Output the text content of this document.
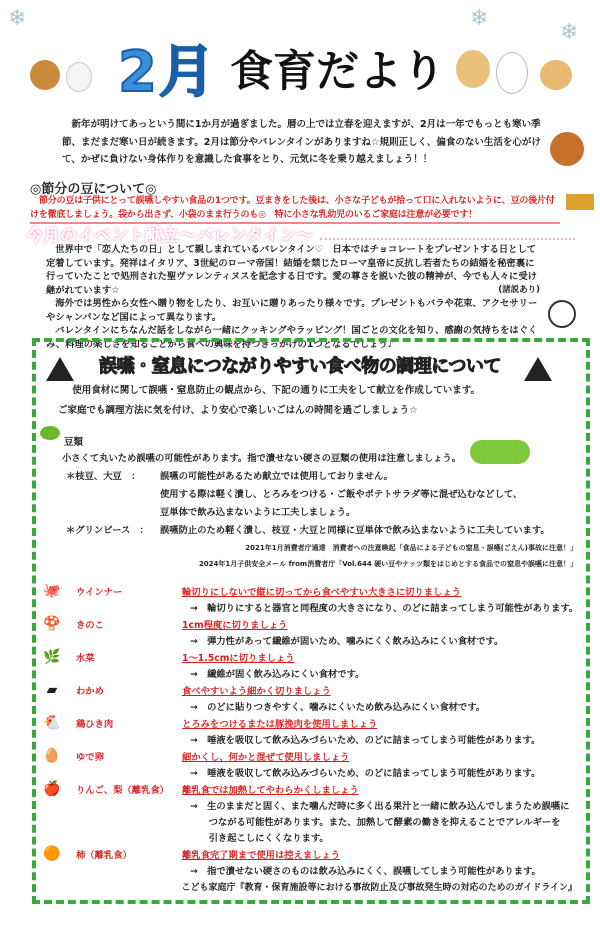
❄	❄
❄
2月 食育だより

新年が明けてあっという間に1か月が過ぎました。暦の上では立春を迎えますが、2月は一年でもっとも寒い季節、まだまだ寒い日が続きます。2月は節分やバレンタインがありますね☆規則正しく、偏食のない生活を心がけて、かぜに負けない身体作りを意識した食事をとり、元気に冬を乗り越えましょう！！

◎節分の豆について◎
節分の豆は子供にとって誤嚥しやすい食品の1つです。豆まきをした後は、小さな子どもが拾って口に入れないように、豆の後片付けを徹底しましょう。袋から出さず、小袋のまま行うのも◎　特に小さな乳幼児のいるご家庭は注意が必要です！
今月のイベント献立～バレンタイン～

世界中で「恋人たちの日」として親しまれているバレンタイン♡　日本ではチョコレートをプレゼントする日として定着しています。発祥はイタリア、3世紀のローマ帝国！結婚を禁じたローマ皇帝に反抗し若者たちの結婚を秘密裏に行っていたことで処刑された聖ヴァレンティヌスを記念する日です。愛の尊さを説いた彼の精神が、今でも人々に受け継がれています☆	(諸説あり)

海外では男性から女性へ贈り物をしたり、お互いに贈りあったり様々です。プレゼントもバラや花束、アクセサリーやシャンパンなど国によって異なります。

バレンタインにちなんだ話をしながら一緒にクッキングやラッピング！国ごとの文化を知り、感謝の気持ちをはぐくみ、料理の楽しさを知ることから食への興味を持つきっかけの1つとなるでしょう♪

誤嚥・窒息につながりやすい食べ物の調理について

使用食材に関して誤嚥・窒息防止の観点から、下記の通りに工夫をして献立を作成しています。

ご家庭でも調理方法に気を付け、より安心で楽しいごはんの時間を過ごしましょう☆

豆類

小さくて丸いため誤嚥の可能性があります。指で潰せない硬さの豆類の使用は注意しましょう。

＊枝豆、大豆　： 誤嚥の可能性があるため献立では使用しておりません。

使用する際は軽く潰し、とろみをつける・ご飯やポテトサラダ等に混ぜ込むなどして、

豆単体で飲み込まないように工夫しましょう。

＊グリンピース　： 誤嚥防止のため軽く潰し、枝豆・大豆と同様に豆単体で飲み込まないように工夫しています。

2021年1月消費者庁通達　消費者への注意喚起「食品による子どもの窒息・誤嚥(ごえん)事故に注意！」

2024年1月子供安全メール from消費者庁「Vol.644 硬い豆やナッツ類をはじめとする食品での窒息や誤嚥に注意！」

🐙	ウインナー	輪切りにしないで縦に切ってから食べやすい大きさに切りましょう
→　輪切りにすると器官と同程度の大きさになり、のどに詰まってしまう可能性があります。
🍄	きのこ	1cm程度に切りましょう
→　弾力性があって繊維が固いため、噛みにくく飲み込みにくい食材です。
🌿	水菜	1～1.5cmに切りましょう
→　繊維が固く飲み込みにくい食材です。
▰	わかめ	食べやすいよう細かく切りましょう
→　のどに貼りつきやすく、噛みにくいため飲み込みにくい食材です。
🐔	鶏ひき肉	とろみをつけるまたは豚挽肉を使用しましょう
→　唾液を吸収して飲み込みづらいため、のどに詰まってしまう可能性があります。
🥚	ゆで卵	細かくし、何かと混ぜて使用しましょう
→　唾液を吸収して飲み込みづらいため、のどに詰まってしまう可能性があります。
🍎	りんご、梨（離乳食） 離乳食では加熱してやわらかくしましょう
→　生のままだと固く、また噛んだ時に多く出る果汁と一緒に飲み込んでしまうため誤嚥に
　　つながる可能性があります。また、加熱して酵素の働きを抑えることでアレルギーを
　　引き起こしにくくなります。
🟠	柿（離乳食）	離乳食完了期まで使用は控えましょう
→　指で潰せない硬さのものは飲み込みにくく、誤嚥してしまう可能性があります。
こども家庭庁『教育・保育施設等における事故防止及び事故発生時の対応のためのガイドライン』
